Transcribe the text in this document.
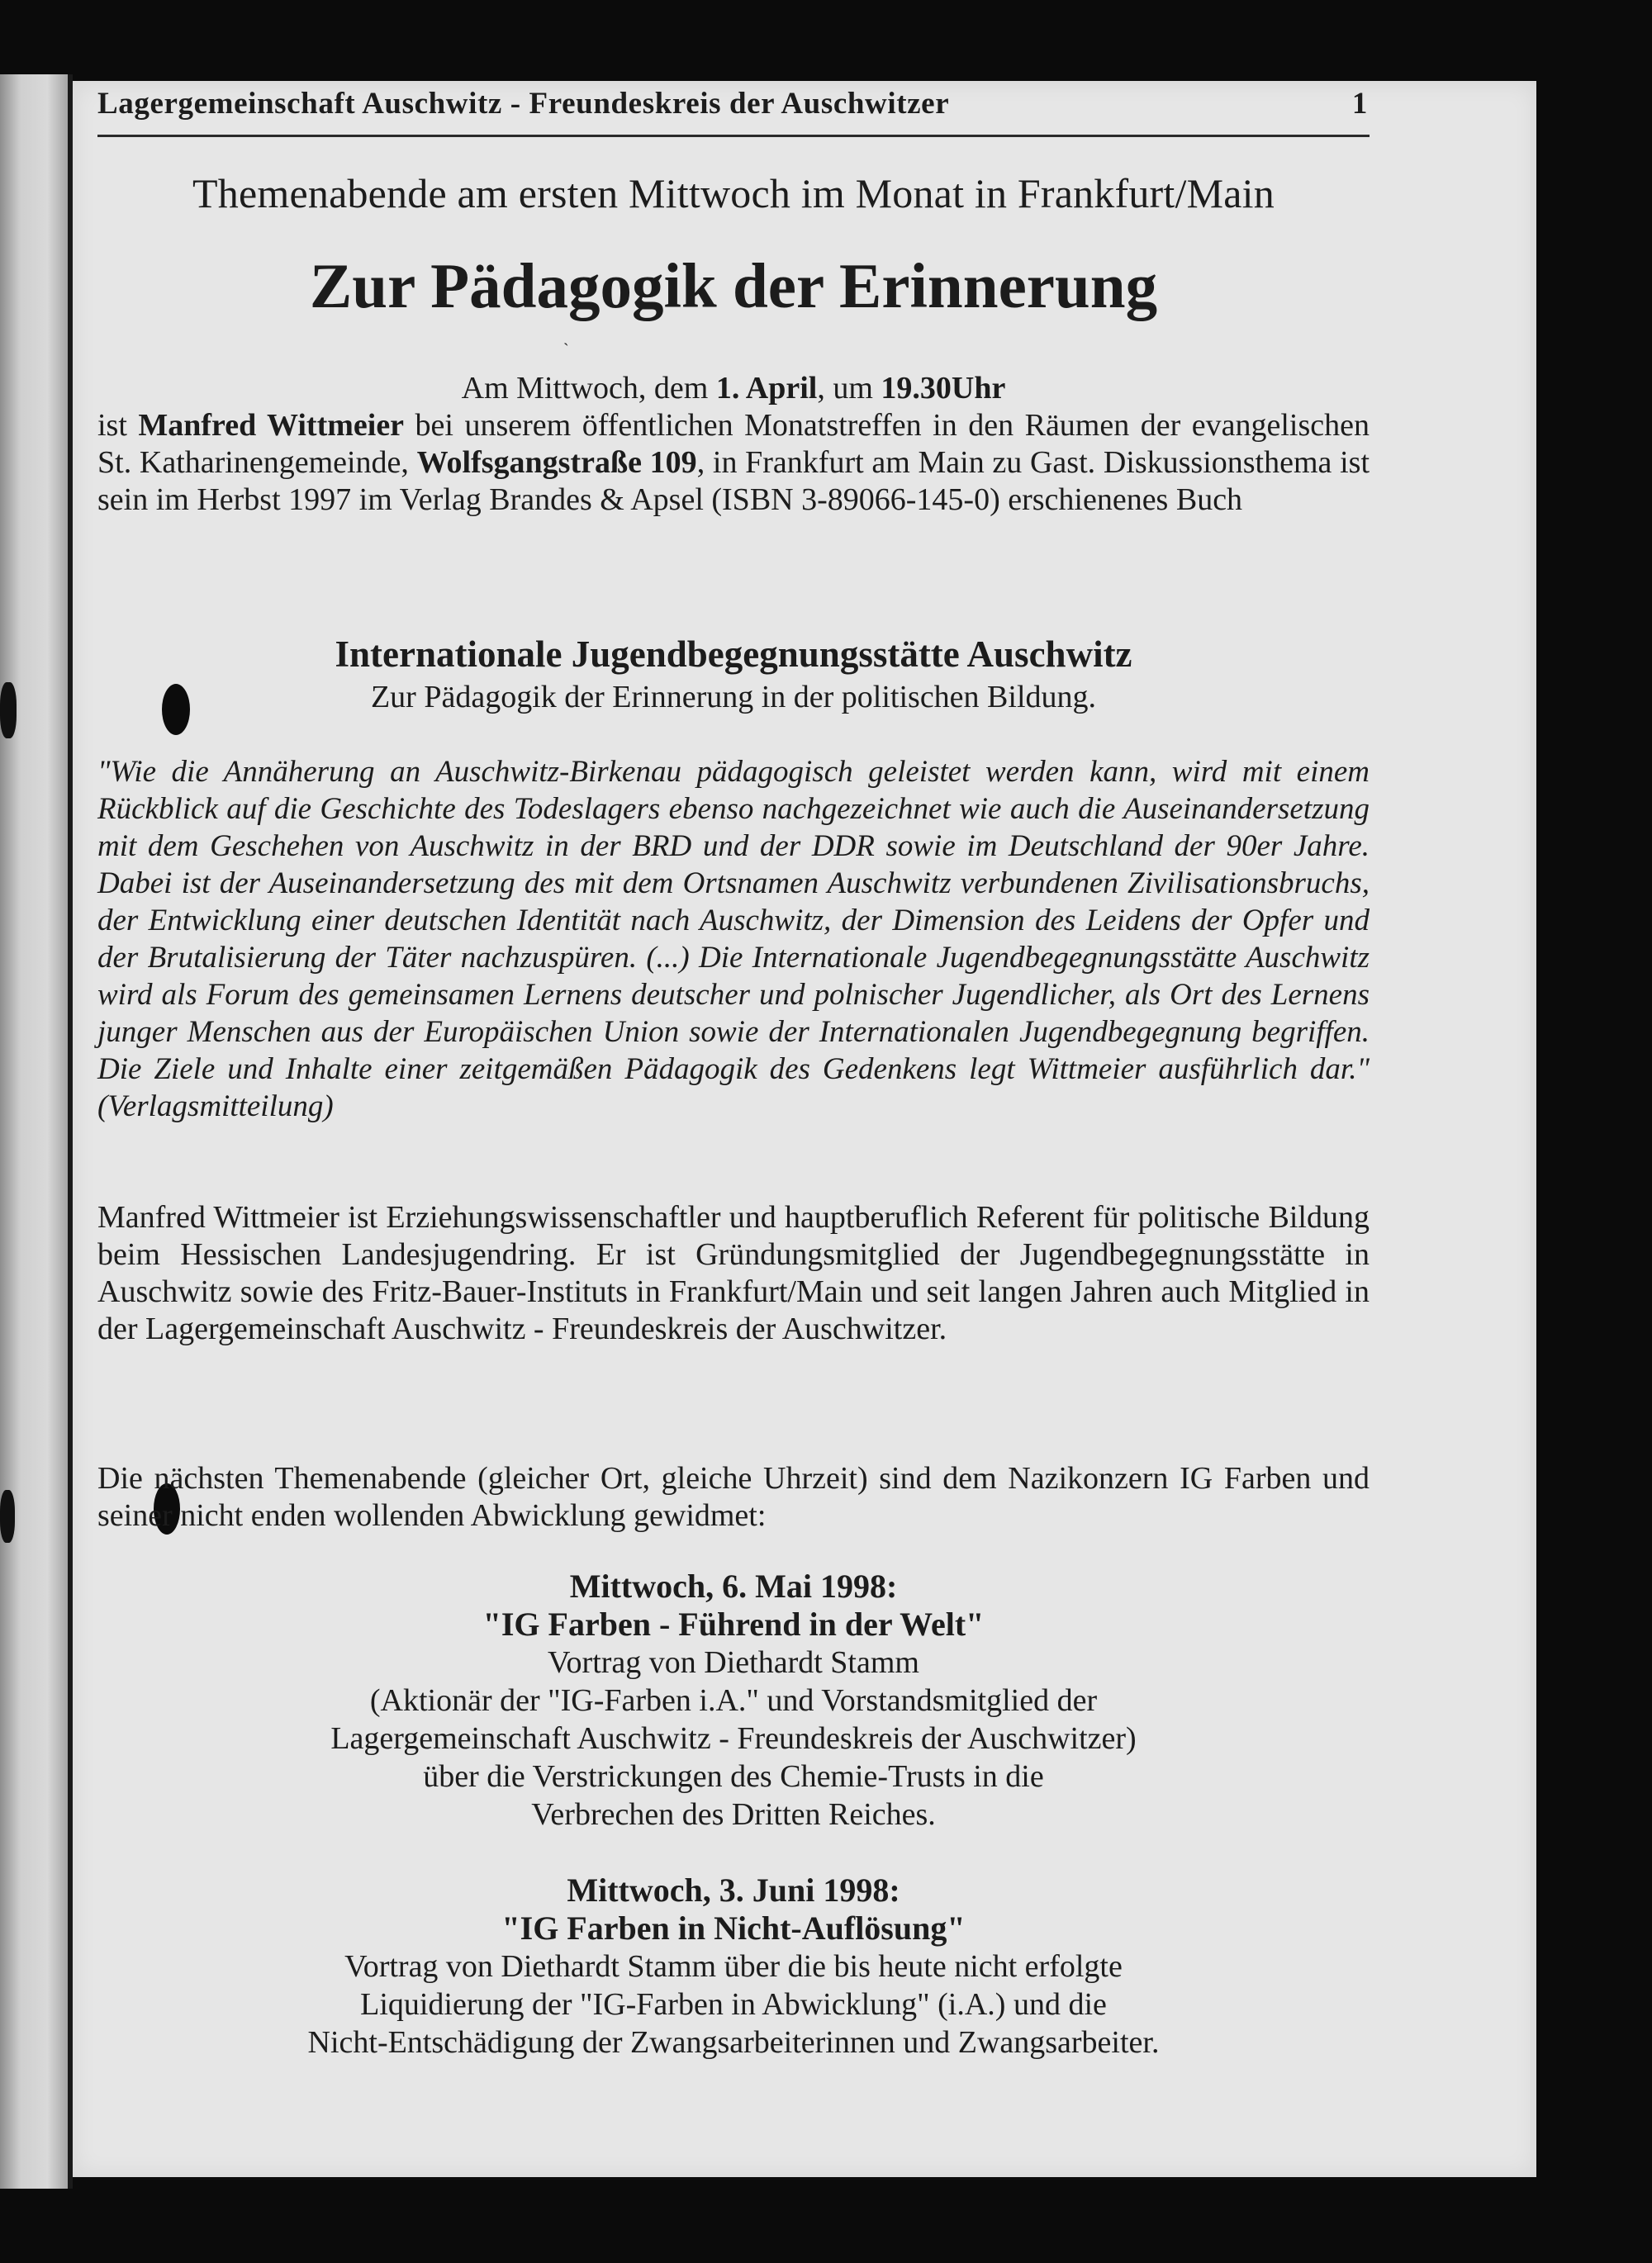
Lagergemeinschaft Auschwitz - Freundeskreis der Auschwitzer	1
Themenabende am ersten Mittwoch im Monat in Frankfurt/Main
Zur Pädagogik der Erinnerung
ˏ
Am Mittwoch, dem 1. April, um 19.30Uhr
ist Manfred Wittmeier bei unserem öffentlichen Monatstreffen in den Räumen der evangelischen St. Katharinengemeinde, Wolfsgangstraße 109, in Frankfurt am Main zu Gast. Diskussionsthema ist sein im Herbst 1997 im Verlag Brandes & Apsel (ISBN 3-89066-145-0) erschienenes Buch
Internationale Jugendbegegnungsstätte Auschwitz
Zur Pädagogik der Erinnerung in der politischen Bildung.
"Wie die Annäherung an Auschwitz-Birkenau pädagogisch geleistet werden kann, wird mit einem Rückblick auf die Geschichte des Todeslagers ebenso nachgezeichnet wie auch die Auseinandersetzung mit dem Geschehen von Auschwitz in der BRD und der DDR sowie im Deutschland der 90er Jahre. Dabei ist der Auseinandersetzung des mit dem Ortsnamen Auschwitz verbundenen Zivilisationsbruchs, der Entwicklung einer deutschen Identität nach Auschwitz, der Dimension des Leidens der Opfer und der Brutalisierung der Täter nachzuspüren. (...) Die Internationale Jugendbegegnungsstätte Auschwitz wird als Forum des gemeinsamen Lernens deutscher und polnischer Jugendlicher, als Ort des Lernens junger Menschen aus der Europäischen Union sowie der Internationalen Jugendbegegnung begriffen. Die Ziele und Inhalte einer zeitgemäßen Pädagogik des Gedenkens legt Wittmeier ausführlich dar." (Verlagsmitteilung)
Manfred Wittmeier ist Erziehungswissenschaftler und hauptberuflich Referent für politische Bildung beim Hessischen Landesjugendring. Er ist Gründungsmitglied der Jugendbegegnungsstätte in Auschwitz sowie des Fritz-Bauer-Instituts in Frankfurt/Main und seit langen Jahren auch Mitglied in der Lagergemeinschaft Auschwitz - Freundeskreis der Auschwitzer.
Die nächsten Themenabende (gleicher Ort, gleiche Uhrzeit) sind dem Nazikonzern IG Farben und seiner nicht enden wollenden Abwicklung gewidmet:
Mittwoch, 6. Mai 1998:
"IG Farben - Führend in der Welt"
Vortrag von Diethardt Stamm
(Aktionär der "IG-Farben i.A." und Vorstandsmitglied der
Lagergemeinschaft Auschwitz - Freundeskreis der Auschwitzer)
über die Verstrickungen des Chemie-Trusts in die
Verbrechen des Dritten Reiches.
Mittwoch, 3. Juni 1998:
"IG Farben in Nicht-Auflösung"
Vortrag von Diethardt Stamm über die bis heute nicht erfolgte
Liquidierung der "IG-Farben in Abwicklung" (i.A.) und die
Nicht-Entschädigung der Zwangsarbeiterinnen und Zwangsarbeiter.
